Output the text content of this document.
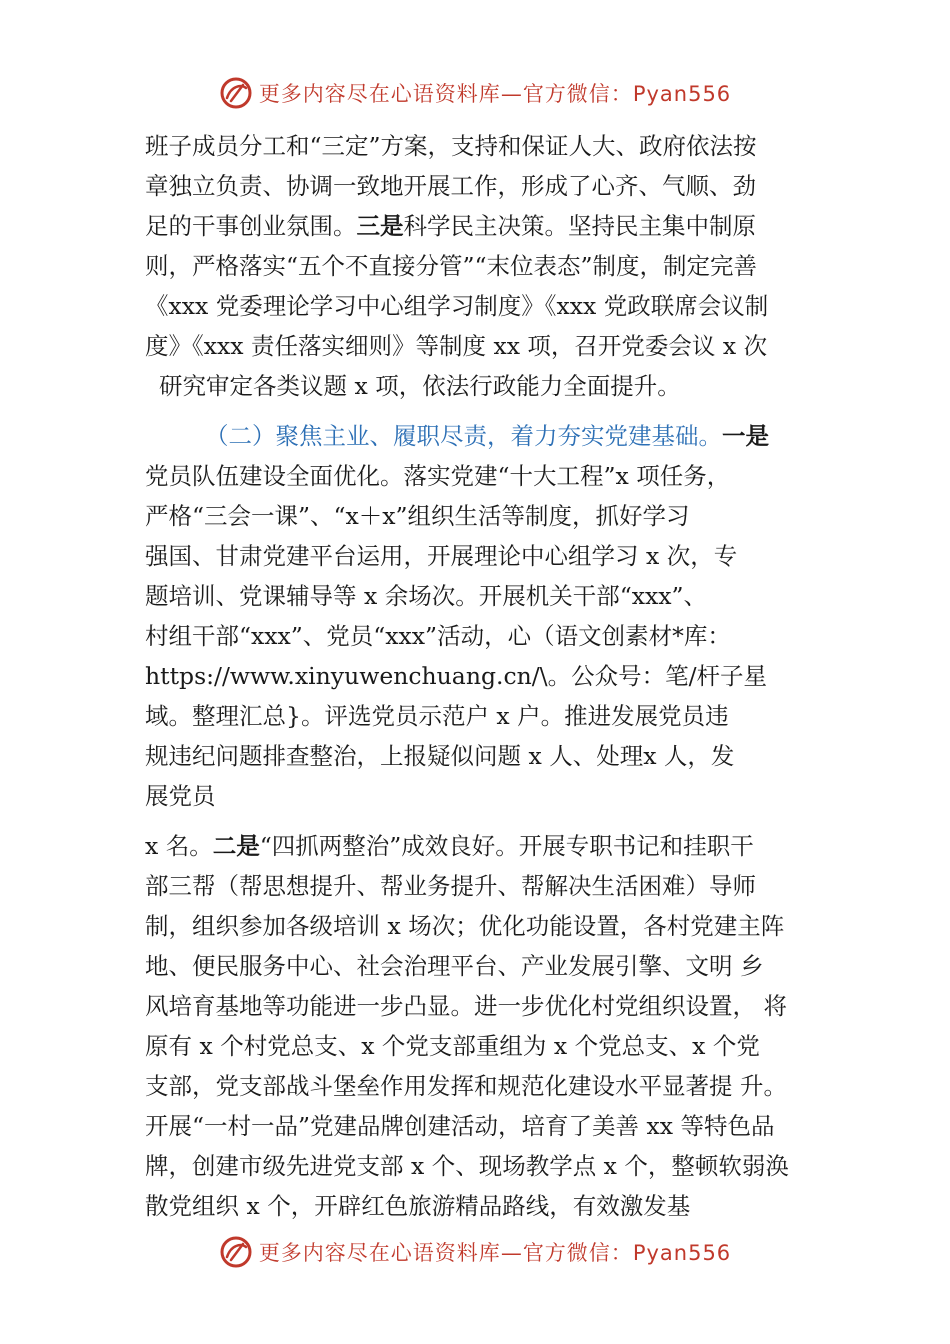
更多内容尽在心语资料库—官方微信：Pyan556
班子成员分工和“三定”方案，支持和保证人大、政府依法按
章独立负责、协调一致地开展工作，形成了心齐、气顺、劲
足的干事创业氛围。三是科学民主决策。坚持民主集中制原
则，严格落实“五个不直接分管”“末位表态”制度，制定完善
《xxx 党委理论学习中心组学习制度》《xxx 党政联席会议制
度》《xxx 责任落实细则》等制度 xx 项，召开党委会议 x 次
研究审定各类议题 x 项，依法行政能力全面提升。
（二）聚焦主业、履职尽责，着力夯实党建基础。一是
党员队伍建设全面优化。落实党建“十大工程”x 项任务，
严格“三会一课”、“x＋x”组织生活等制度，抓好学习
强国、甘肃党建平台运用，开展理论中心组学习 x 次，专
题培训、党课辅导等 x 余场次。开展机关干部“xxx”、
村组干部“xxx”、党员“xxx”活动，心（语文创素材*库：
https://www.xinyuwenchuang.cn/\。公众号：笔/杆子星
域。整理汇总}。评选党员示范户 x 户。推进发展党员违
规违纪问题排查整治，上报疑似问题 x 人、处理x 人，发
展党员
x 名。二是“四抓两整治”成效良好。开展专职书记和挂职干
部三帮（帮思想提升、帮业务提升、帮解决生活困难）导师
制，组织参加各级培训 x 场次；优化功能设置，各村党建主阵
地、便民服务中心、社会治理平台、产业发展引擎、文明 乡
风培育基地等功能进一步凸显。进一步优化村党组织设置， 将
原有 x 个村党总支、x 个党支部重组为 x 个党总支、x 个党
支部，党支部战斗堡垒作用发挥和规范化建设水平显著提 升。
开展“一村一品”党建品牌创建活动，培育了美善 xx 等特色品
牌，创建市级先进党支部 x 个、现场教学点 x 个，整顿软弱涣
散党组织 x 个，开辟红色旅游精品路线，有效激发基
更多内容尽在心语资料库—官方微信：Pyan556
